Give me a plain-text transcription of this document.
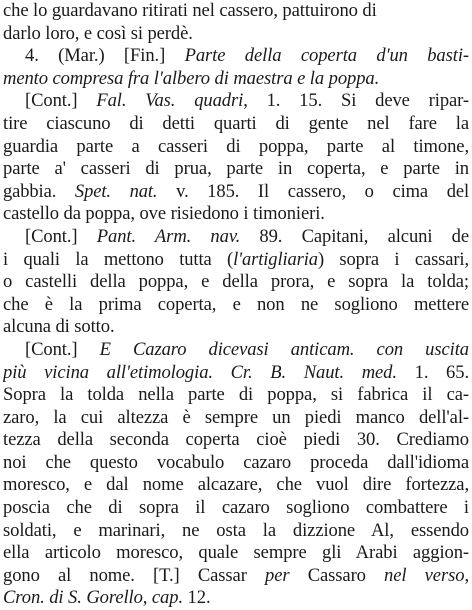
che lo guardavano ritirati nel cassero, pattuirono di
darlo loro, e così si perdè.
4. (Mar.) [Fin.] Parte della coperta d'un basti-
mento compresa fra l'albero di maestra e la poppa.
[Cont.] Fal. Vas. quadri, 1. 15. Si deve ripar-
tire ciascuno di detti quarti di gente nel fare la
guardia parte a casseri di poppa, parte al timone,
parte a' casseri di prua, parte in coperta, e parte in
gabbia. Spet. nat. v. 185. Il cassero, o cima del
castello da poppa, ove risiedono i timonieri.
[Cont.] Pant. Arm. nav. 89. Capitani, alcuni de
i quali la mettono tutta (l'artigliaria) sopra i cassari,
o castelli della poppa, e della prora, e sopra la tolda;
che è la prima coperta, e non ne sogliono mettere
alcuna di sotto.
[Cont.] E Cazaro dicevasi anticam. con uscita
più vicina all'etimologia. Cr. B. Naut. med. 1. 65.
Sopra la tolda nella parte di poppa, si fabrica il ca-
zaro, la cui altezza è sempre un piedi manco dell'al-
tezza della seconda coperta cioè piedi 30. Crediamo
noi che questo vocabulo cazaro proceda dall'idioma
moresco, e dal nome alcazare, che vuol dire fortezza,
poscia che di sopra il cazaro sogliono combattere i
soldati, e marinari, ne osta la dizzione Al, essendo
ella articolo moresco, quale sempre gli Arabi aggion-
gono al nome. [T.] Cassar per Cassaro nel verso,
Cron. di S. Gorello, cap. 12.
